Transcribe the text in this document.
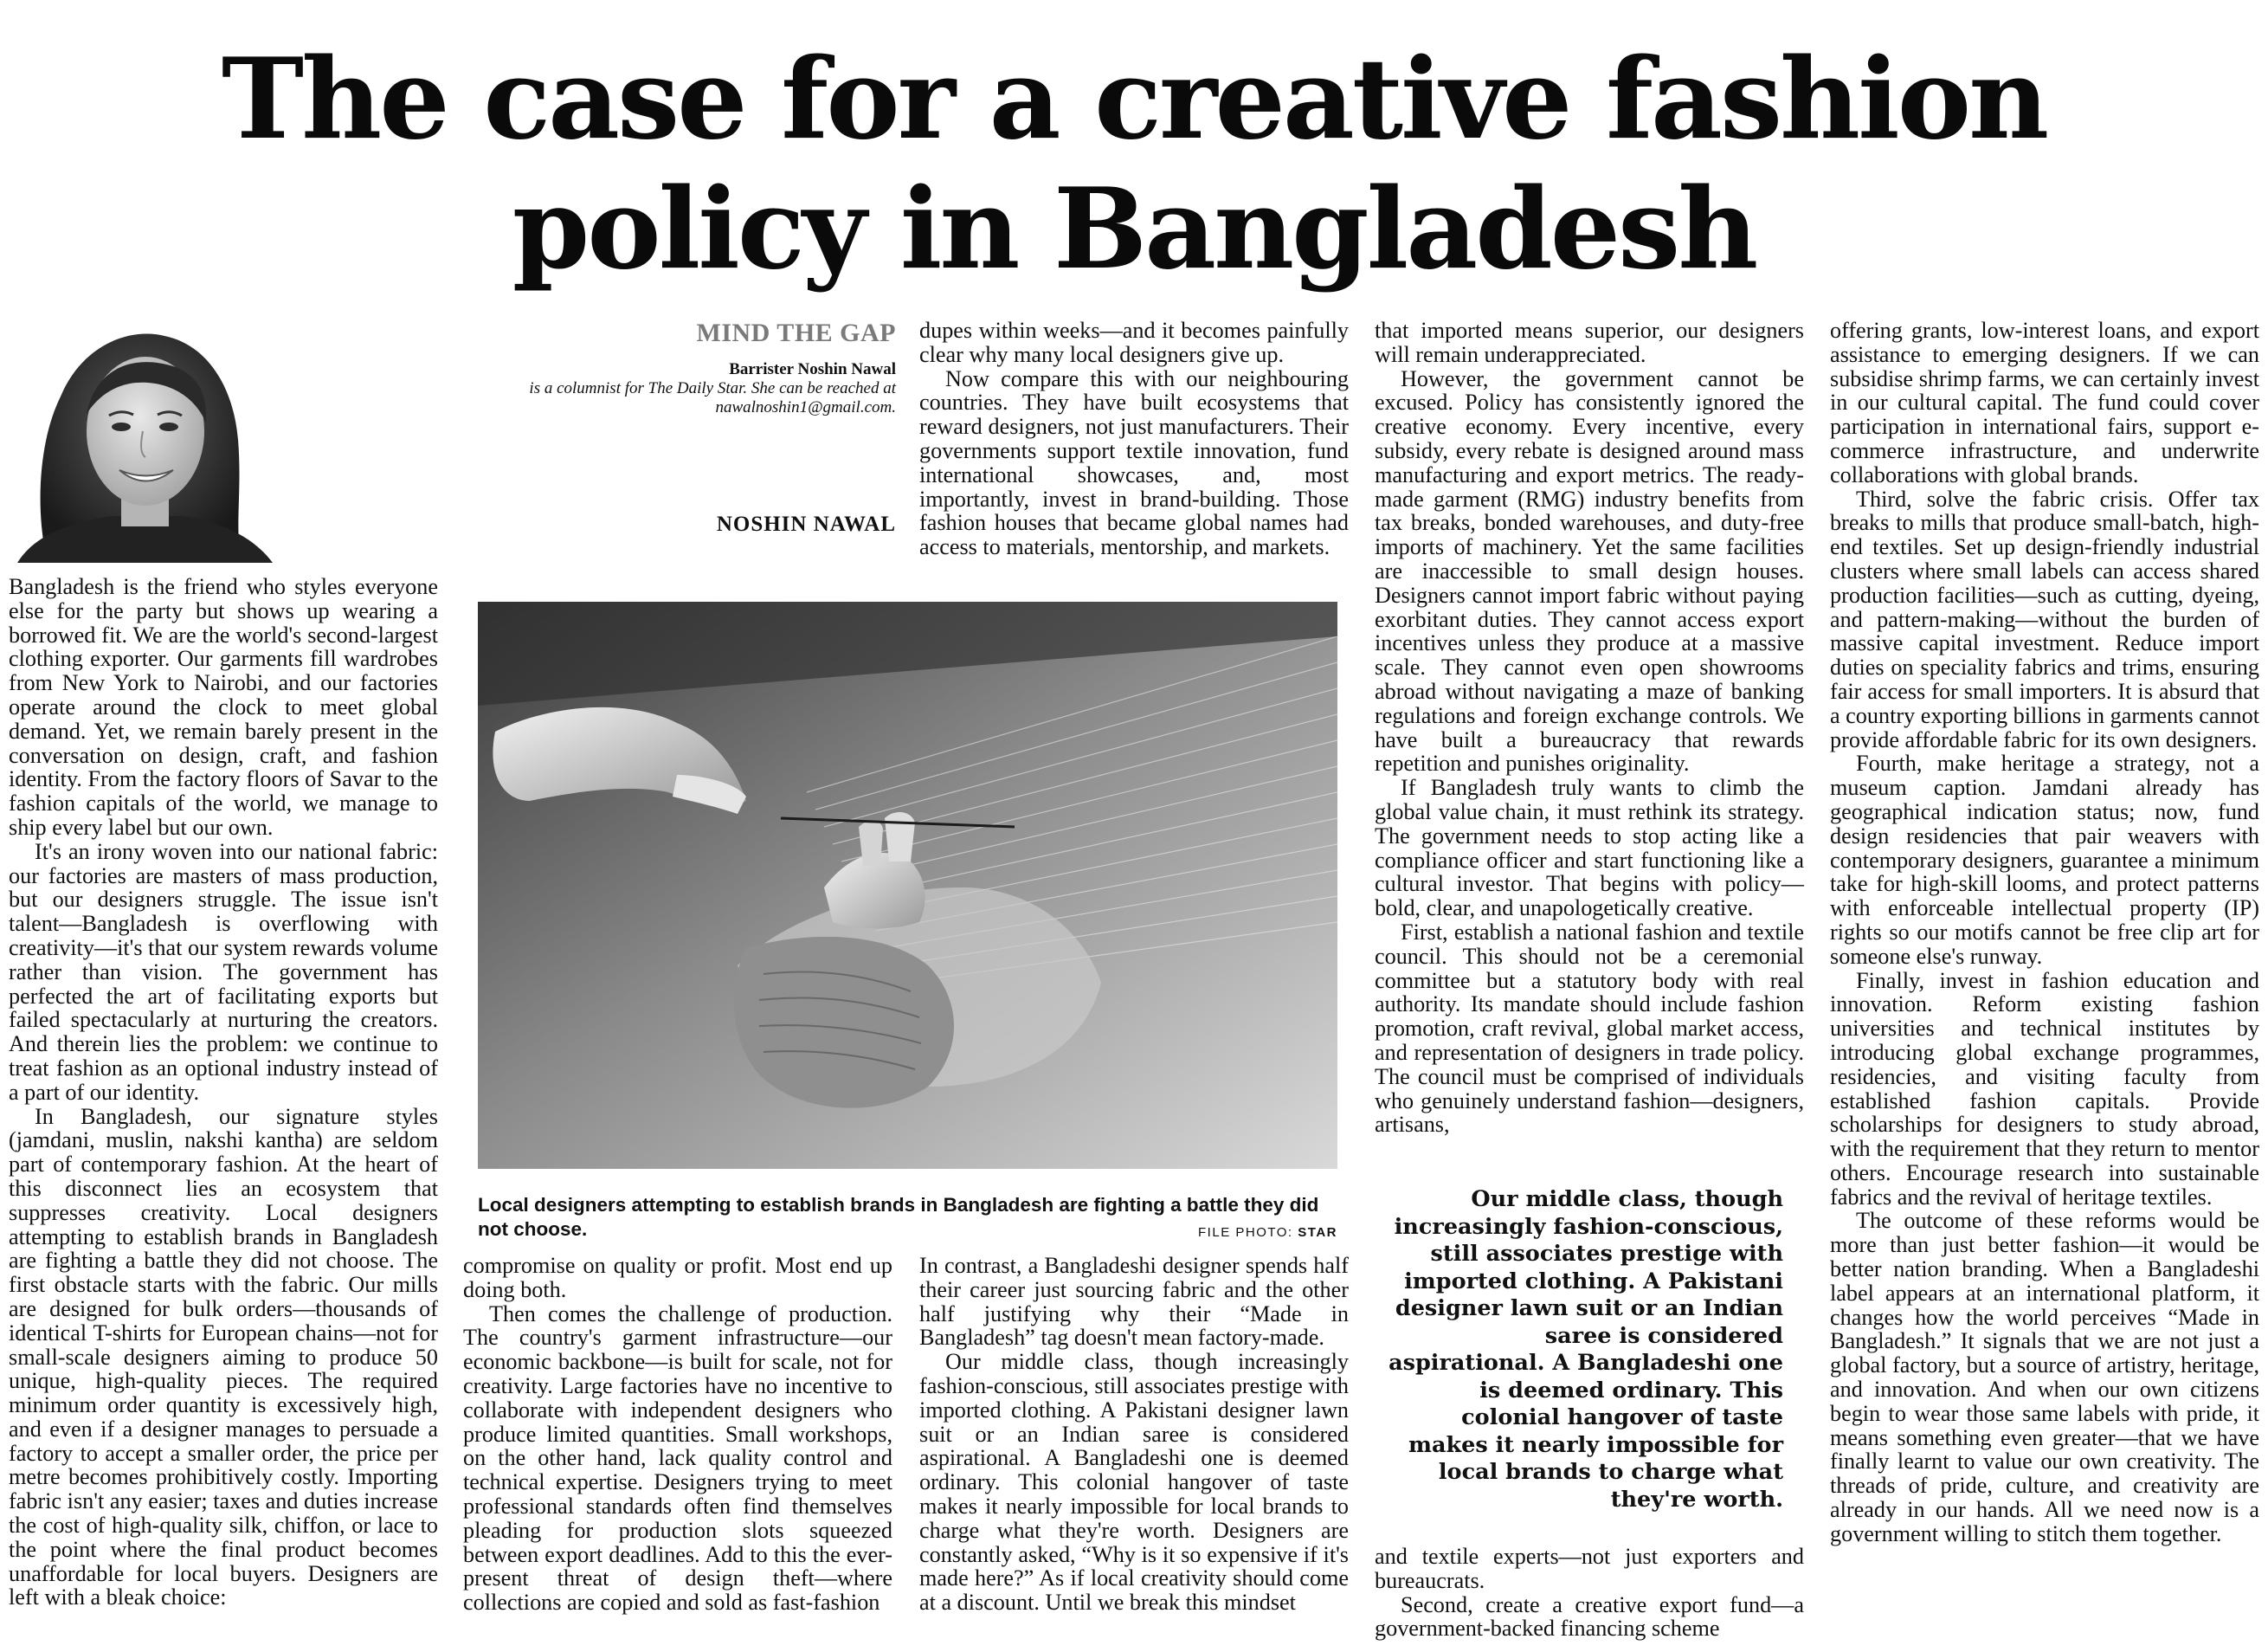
The case for a creative fashion policy in Bangladesh
MIND THE GAP
Barrister Noshin Nawal
is a columnist for The Daily Star. She can be reached at nawalnoshin1@gmail.com.
NOSHIN NAWAL
Local designers attempting to establish brands in Bangladesh are fighting a battle they did not choose.	FILE PHOTO: STAR

Bangladesh is the friend who styles everyone else for the party but shows up wearing a borrowed fit. We are the world's second-largest clothing exporter. Our garments fill wardrobes from New York to Nairobi, and our factories operate around the clock to meet global demand. Yet, we remain barely present in the conversation on design, craft, and fashion identity. From the factory floors of Savar to the fashion capitals of the world, we manage to ship every label but our own.

It's an irony woven into our national fabric: our factories are masters of mass production, but our designers struggle. The issue isn't talent—Bangladesh is overflowing with creativity—it's that our system rewards volume rather than vision. The government has perfected the art of facilitating exports but failed spectacularly at nurturing the creators. And therein lies the problem: we continue to treat fashion as an optional industry instead of a part of our identity.

In Bangladesh, our signature styles (jamdani, muslin, nakshi kantha) are seldom part of contemporary fashion. At the heart of this disconnect lies an ecosystem that suppresses creativity. Local designers attempting to establish brands in Bangladesh are fighting a battle they did not choose. The first obstacle starts with the fabric. Our mills are designed for bulk orders—thousands of identical T-shirts for European chains—not for small-scale designers aiming to produce 50 unique, high-quality pieces. The required minimum order quantity is excessively high, and even if a designer manages to persuade a factory to accept a smaller order, the price per metre becomes prohibitively costly. Importing fabric isn't any easier; taxes and duties increase the cost of high-quality silk, chiffon, or lace to the point where the final product becomes unaffordable for local buyers. Designers are left with a bleak choice:

compromise on quality or profit. Most end up doing both.

Then comes the challenge of production. The country's garment infrastructure—our economic backbone—is built for scale, not for creativity. Large factories have no incentive to collaborate with independent designers who produce limited quantities. Small workshops, on the other hand, lack quality control and technical expertise. Designers trying to meet professional standards often find themselves pleading for production slots squeezed between export deadlines. Add to this the ever-present threat of design theft—where collections are copied and sold as fast-fashion

dupes within weeks—and it becomes painfully clear why many local designers give up.

Now compare this with our neighbouring countries. They have built ecosystems that reward designers, not just manufacturers. Their governments support textile innovation, fund international showcases, and, most importantly, invest in brand-building. Those fashion houses that became global names had access to materials, mentorship, and markets.

In contrast, a Bangladeshi designer spends half their career just sourcing fabric and the other half justifying why their “Made in Bangladesh” tag doesn't mean factory-made.

Our middle class, though increasingly fashion-conscious, still associates prestige with imported clothing. A Pakistani designer lawn suit or an Indian saree is considered aspirational. A Bangladeshi one is deemed ordinary. This colonial hangover of taste makes it nearly impossible for local brands to charge what they're worth. Designers are constantly asked, “Why is it so expensive if it's made here?” As if local creativity should come at a discount. Until we break this mindset

that imported means superior, our designers will remain underappreciated.

However, the government cannot be excused. Policy has consistently ignored the creative economy. Every incentive, every subsidy, every rebate is designed around mass manufacturing and export metrics. The ready-made garment (RMG) industry benefits from tax breaks, bonded warehouses, and duty-free imports of machinery. Yet the same facilities are inaccessible to small design houses. Designers cannot import fabric without paying exorbitant duties. They cannot access export incentives unless they produce at a massive scale. They cannot even open showrooms abroad without navigating a maze of banking regulations and foreign exchange controls. We have built a bureaucracy that rewards repetition and punishes originality.

If Bangladesh truly wants to climb the global value chain, it must rethink its strategy. The government needs to stop acting like a compliance officer and start functioning like a cultural investor. That begins with policy—bold, clear, and unapologetically creative.

First, establish a national fashion and textile council. This should not be a ceremonial committee but a statutory body with real authority. Its mandate should include fashion promotion, craft revival, global market access, and representation of designers in trade policy. The council must be comprised of individuals who genuinely understand fashion—designers, artisans,

Our middle class, though increasingly fashion-conscious, still associates prestige with imported clothing. A Pakistani designer lawn suit or an Indian saree is considered aspirational. A Bangladeshi one is deemed ordinary. This colonial hangover of taste makes it nearly impossible for local brands to charge what they're worth.

and textile experts—not just exporters and bureaucrats.

Second, create a creative export fund—a government-backed financing scheme

offering grants, low-interest loans, and export assistance to emerging designers. If we can subsidise shrimp farms, we can certainly invest in our cultural capital. The fund could cover participation in international fairs, support e-commerce infrastructure, and underwrite collaborations with global brands.

Third, solve the fabric crisis. Offer tax breaks to mills that produce small-batch, high-end textiles. Set up design-friendly industrial clusters where small labels can access shared production facilities—such as cutting, dyeing, and pattern-making—without the burden of massive capital investment. Reduce import duties on speciality fabrics and trims, ensuring fair access for small importers. It is absurd that a country exporting billions in garments cannot provide affordable fabric for its own designers.

Fourth, make heritage a strategy, not a museum caption. Jamdani already has geographical indication status; now, fund design residencies that pair weavers with contemporary designers, guarantee a minimum take for high-skill looms, and protect patterns with enforceable intellectual property (IP) rights so our motifs cannot be free clip art for someone else's runway.

Finally, invest in fashion education and innovation. Reform existing fashion universities and technical institutes by introducing global exchange programmes, residencies, and visiting faculty from established fashion capitals. Provide scholarships for designers to study abroad, with the requirement that they return to mentor others. Encourage research into sustainable fabrics and the revival of heritage textiles.

The outcome of these reforms would be more than just better fashion—it would be better nation branding. When a Bangladeshi label appears at an international platform, it changes how the world perceives “Made in Bangladesh.” It signals that we are not just a global factory, but a source of artistry, heritage, and innovation. And when our own citizens begin to wear those same labels with pride, it means something even greater—that we have finally learnt to value our own creativity. The threads of pride, culture, and creativity are already in our hands. All we need now is a government willing to stitch them together.
